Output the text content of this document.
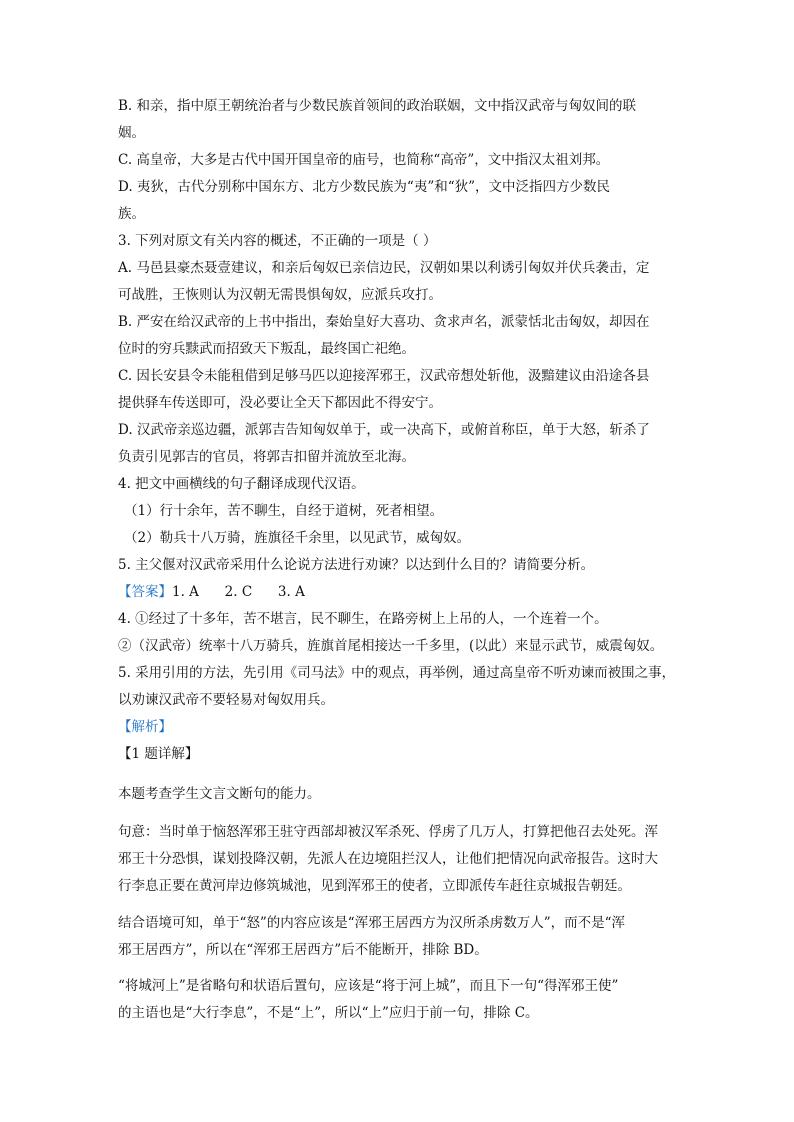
B. 和亲，指中原王朝统治者与少数民族首领间的政治联姻，文中指汉武帝与匈奴间的联
姻。
C. 高皇帝，大多是古代中国开国皇帝的庙号，也简称“高帝”，文中指汉太祖刘邦。
D. 夷狄，古代分别称中国东方、北方少数民族为“夷”和“狄”，文中泛指四方少数民
族。
3. 下列对原文有关内容的概述，不正确的一项是（ ）
A. 马邑县豪杰聂壹建议，和亲后匈奴已亲信边民，汉朝如果以利诱引匈奴并伏兵袭击，定
可战胜，王恢则认为汉朝无需畏惧匈奴，应派兵攻打。
B. 严安在给汉武帝的上书中指出，秦始皇好大喜功、贪求声名，派蒙恬北击匈奴，却因在
位时的穷兵黩武而招致天下叛乱，最终国亡祀绝。
C. 因长安县令未能租借到足够马匹以迎接浑邪王，汉武帝想处斩他，汲黯建议由沿途各县
提供驿车传送即可，没必要让全天下都因此不得安宁。
D. 汉武帝亲巡边疆，派郭吉告知匈奴单于，或一决高下，或俯首称臣，单于大怒，斩杀了
负责引见郭吉的官员，将郭吉扣留并流放至北海。
4. 把文中画横线的句子翻译成现代汉语。
（1）行十余年，苦不聊生，自经于道树，死者相望。
（2）勒兵十八万骑，旌旗径千余里，以见武节，威匈奴。
5. 主父偃对汉武帝采用什么论说方法进行劝谏？以达到什么目的？请简要分析。
【答案】1. A      2. C      3. A
4. ①经过了十多年，苦不堪言，民不聊生，在路旁树上上吊的人，一个连着一个。
②（汉武帝）统率十八万骑兵，旌旗首尾相接达一千多里，(以此）来显示武节，威震匈奴。
5. 采用引用的方法，先引用《司马法》中的观点，再举例，通过高皇帝不听劝谏而被围之事，
以劝谏汉武帝不要轻易对匈奴用兵。
【解析】
【1 题详解】
本题考查学生文言文断句的能力。
句意：当时单于恼怒浑邪王驻守西部却被汉军杀死、俘虏了几万人，打算把他召去处死。浑
邪王十分恐惧，谋划投降汉朝，先派人在边境阻拦汉人，让他们把情况向武帝报告。这时大
行李息正要在黄河岸边修筑城池，见到浑邪王的使者，立即派传车赶往京城报告朝廷。
结合语境可知，单于“怒”的内容应该是“浑邪王居西方为汉所杀虏数万人”，而不是“浑
邪王居西方”，所以在“浑邪王居西方”后不能断开，排除 BD。
“将城河上”是省略句和状语后置句，应该是“将于河上城”，而且下一句“得浑邪王使”
的主语也是“大行李息”，不是“上”，所以“上”应归于前一句，排除 C。
